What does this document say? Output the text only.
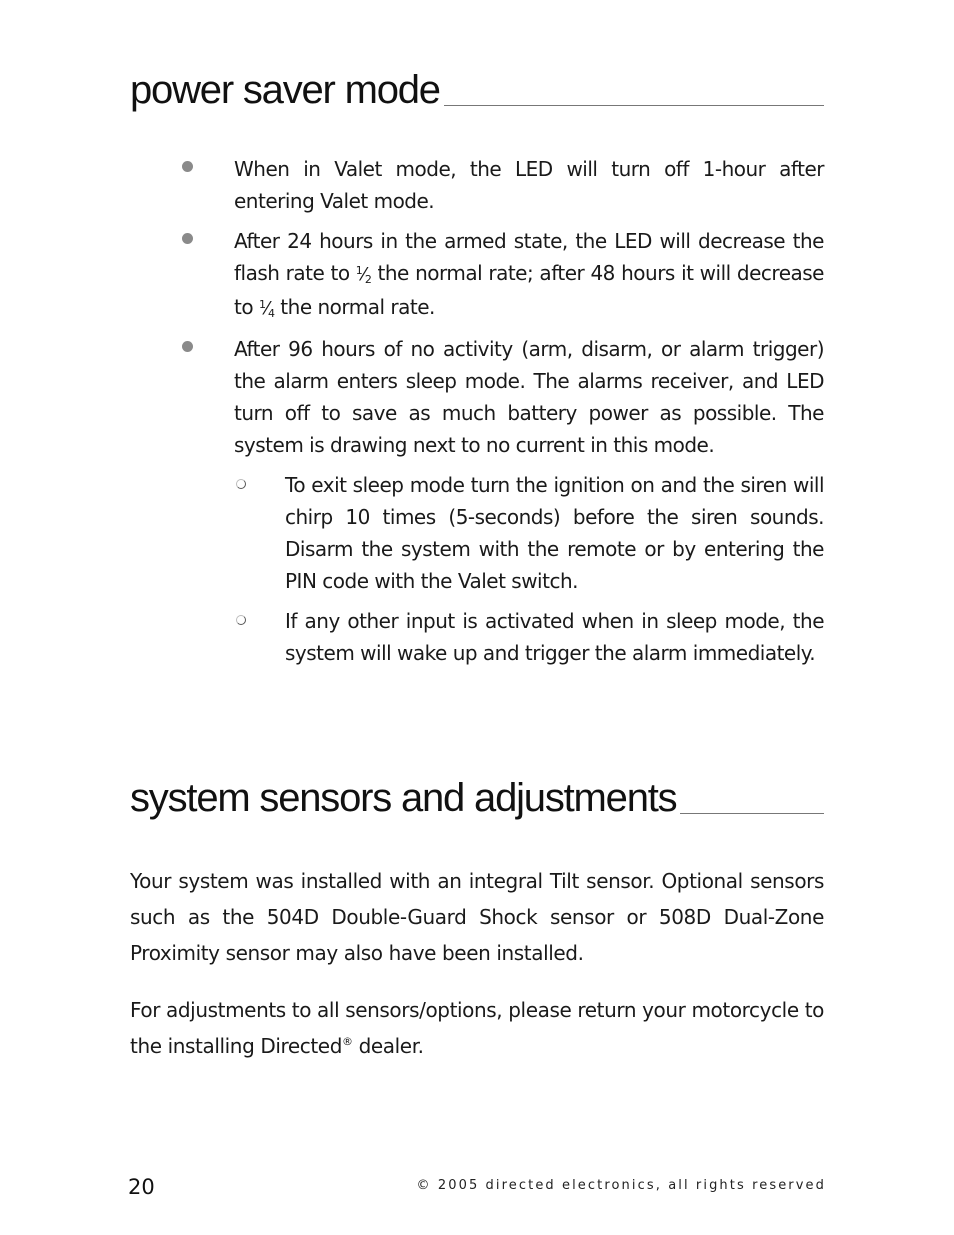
power saver mode
When in Valet mode, the LED will turn off 1-hour after entering Valet mode.
After 24 hours in the armed state, the LED will decrease the flash rate to $^1$⁄2 the normal rate; after 48 hours it will decrease to $^1$⁄4 the normal rate.
After 96 hours of no activity (arm, disarm, or alarm trigger) the alarm enters sleep mode. The alarms receiver, and LED turn off to save as much battery power as possible. The system is drawing next to no current in this mode.
To exit sleep mode turn the ignition on and the siren will chirp 10 times (5-seconds) before the siren sounds. Disarm the system with the remote or by entering the PIN code with the Valet switch.
If any other input is activated when in sleep mode, the system will wake up and trigger the alarm immediately.
system sensors and adjustments

Your system was installed with an integral Tilt sensor. Optional sensors such as the 504D Double-Guard Shock sensor or 508D Dual-Zone Proximity sensor may also have been installed.

For adjustments to all sensors/options, please return your motorcycle to the installing Directed® dealer.

20	© 2005 directed electronics, all rights reserved
